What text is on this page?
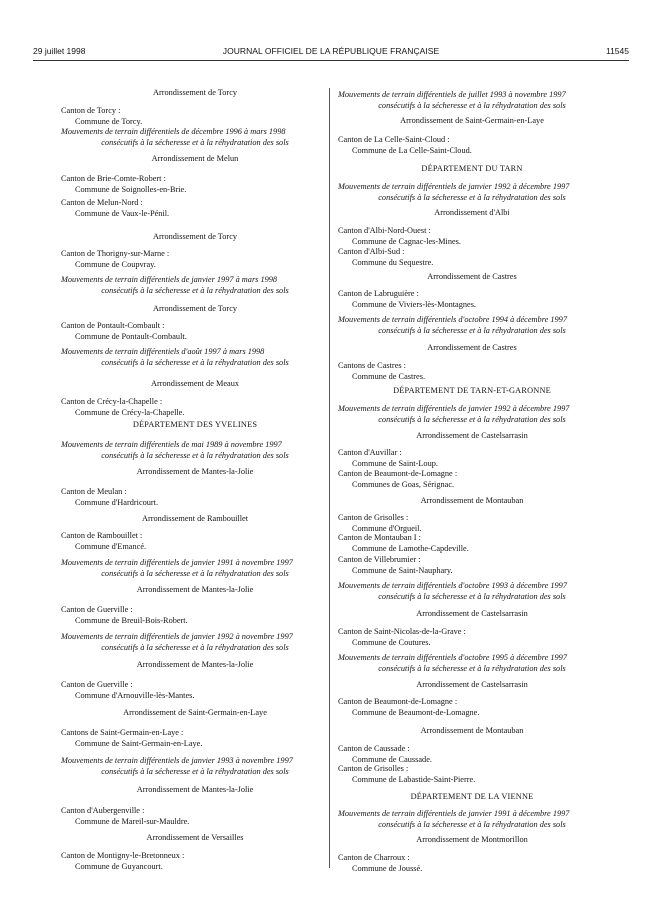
29 juillet 1998	JOURNAL OFFICIEL DE LA RÉPUBLIQUE FRANÇAISE	11545
Arrondissement de Torcy
Canton de Torcy :
Commune de Torcy.
Mouvements de terrain différentiels de décembre 1996 à mars 1998
consécutifs à la sécheresse et à la réhydratation des sols
Arrondissement de Melun
Canton de Brie-Comte-Robert :
Commune de Soignolles-en-Brie.
Canton de Melun-Nord :
Commune de Vaux-le-Pénil.
Arrondissement de Torcy
Canton de Thorigny-sur-Marne :
Commune de Coupvray.
Mouvements de terrain différentiels de janvier 1997 à mars 1998
consécutifs à la sécheresse et à la réhydratation des sols
Arrondissement de Torcy
Canton de Pontault-Combault :
Commune de Pontault-Combault.
Mouvements de terrain différentiels d'août 1997 à mars 1998
consécutifs à la sécheresse et à la réhydratation des sols
Arrondissement de Meaux
Canton de Crécy-la-Chapelle :
Commune de Crécy-la-Chapelle.
DÉPARTEMENT DES YVELINES
Mouvements de terrain différentiels de mai 1989 à novembre 1997
consécutifs à la sécheresse et à la réhydratation des sols
Arrondissement de Mantes-la-Jolie
Canton de Meulan :
Commune d'Hardricourt.
Arrondissement de Rambouillet
Canton de Rambouillet :
Commune d'Emancé.
Mouvements de terrain différentiels de janvier 1991 à novembre 1997
consécutifs à la sécheresse et à la réhydratation des sols
Arrondissement de Mantes-la-Jolie
Canton de Guerville :
Commune de Breuil-Bois-Robert.
Mouvements de terrain différentiels de janvier 1992 à novembre 1997
consécutifs à la sécheresse et à la réhydratation des sols
Arrondissement de Mantes-la-Jolie
Canton de Guerville :
Commune d'Arnouville-lès-Mantes.
Arrondissement de Saint-Germain-en-Laye
Cantons de Saint-Germain-en-Laye :
Commune de Saint-Germain-en-Laye.
Mouvements de terrain différentiels de janvier 1993 à novembre 1997
consécutifs à la sécheresse et à la réhydratation des sols
Arrondissement de Mantes-la-Jolie
Canton d'Aubergenville :
Commune de Mareil-sur-Mauldre.
Arrondissement de Versailles
Canton de Montigny-le-Bretonneux :
Commune de Guyancourt.
Mouvements de terrain différentiels de juillet 1993 à novembre 1997
consécutifs à la sécheresse et à la réhydratation des sols
Arrondissement de Saint-Germain-en-Laye
Canton de La Celle-Saint-Cloud :
Commune de La Celle-Saint-Cloud.
DÉPARTEMENT DU TARN
Mouvements de terrain différentiels de janvier 1992 à décembre 1997
consécutifs à la sécheresse et à la réhydratation des sols
Arrondissement d'Albi
Canton d'Albi-Nord-Ouest :
Commune de Cagnac-les-Mines.
Canton d'Albi-Sud :
Commune du Sequestre.
Arrondissement de Castres
Canton de Labruguière :
Commune de Viviers-lès-Montagnes.
Mouvements de terrain différentiels d'octobre 1994 à décembre 1997
consécutifs à la sécheresse et à la réhydratation des sols
Arrondissement de Castres
Cantons de Castres :
Commune de Castres.
DÉPARTEMENT DE TARN-ET-GARONNE
Mouvements de terrain différentiels de janvier 1992 à décembre 1997
consécutifs à la sécheresse et à la réhydratation des sols
Arrondissement de Castelsarrasin
Canton d'Auvillar :
Commune de Saint-Loup.
Canton de Beaumont-de-Lomagne :
Communes de Goas, Sérignac.
Arrondissement de Montauban
Canton de Grisolles :
Commune d'Orgueil.
Canton de Montauban I :
Commune de Lamothe-Capdeville.
Canton de Villebrumier :
Commune de Saint-Nauphary.
Mouvements de terrain différentiels d'octobre 1993 à décembre 1997
consécutifs à la sécheresse et à la réhydratation des sols
Arrondissement de Castelsarrasin
Canton de Saint-Nicolas-de-la-Grave :
Commune de Coutures.
Mouvements de terrain différentiels d'octobre 1995 à décembre 1997
consécutifs à la sécheresse et à la réhydratation des sols
Arrondissement de Castelsarrasin
Canton de Beaumont-de-Lomagne :
Commune de Beaumont-de-Lomagne.
Arrondissement de Montauban
Canton de Caussade :
Commune de Caussade.
Canton de Grisolles :
Commune de Labastide-Saint-Pierre.
DÉPARTEMENT DE LA VIENNE
Mouvements de terrain différentiels de janvier 1991 à décembre 1997
consécutifs à la sécheresse et à la réhydratation des sols
Arrondissement de Montmorillon
Canton de Charroux :
Commune de Joussé.
